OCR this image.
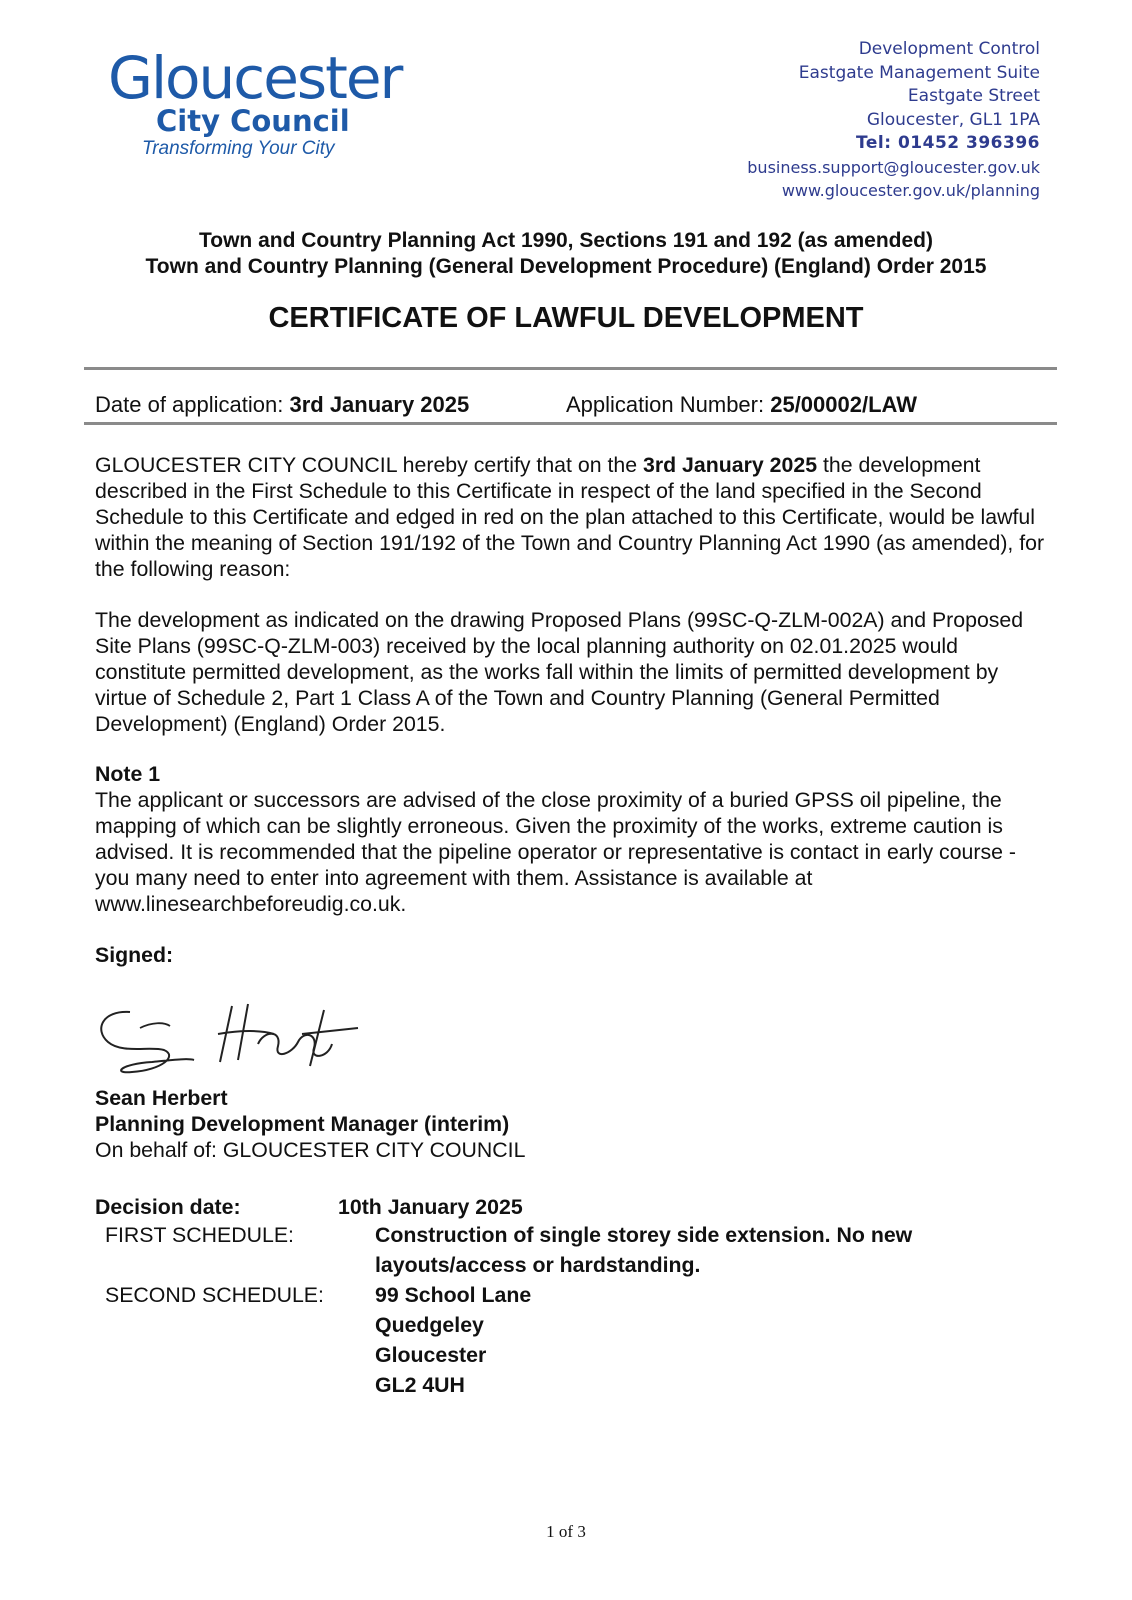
Gloucester
City Council
Transforming Your City
Development Control
Eastgate Management Suite
Eastgate Street
Gloucester, GL1 1PA
Tel: 01452 396396
business.support@gloucester.gov.uk
www.gloucester.gov.uk/planning
Town and Country Planning Act 1990, Sections 191 and 192 (as amended)
Town and Country Planning (General Development Procedure) (England) Order 2015
CERTIFICATE OF LAWFUL DEVELOPMENT
Date of application: 3rd January 2025	Application Number: 25/00002/LAW
GLOUCESTER CITY COUNCIL hereby certify that on the 3rd January 2025 the development described in the First Schedule to this Certificate in respect of the land specified in the Second Schedule to this Certificate and edged in red on the plan attached to this Certificate, would be lawful within the meaning of Section 191/192 of the Town and Country Planning Act 1990 (as amended), for the following reason:
The development as indicated on the drawing Proposed Plans (99SC-Q-ZLM-002A) and Proposed Site Plans (99SC-Q-ZLM-003) received by the local planning authority on 02.01.2025 would constitute permitted development, as the works fall within the limits of permitted development by virtue of Schedule 2, Part 1 Class A of the Town and Country Planning (General Permitted Development) (England) Order 2015.
Note 1
The applicant or successors are advised of the close proximity of a buried GPSS oil pipeline, the mapping of which can be slightly erroneous. Given the proximity of the works, extreme caution is advised. It is recommended that the pipeline operator or representative is contact in early course - you many need to enter into agreement with them. Assistance is available at www.linesearchbeforeudig.co.uk.
Signed:
Sean Herbert
Planning Development Manager (interim)
On behalf of: GLOUCESTER CITY COUNCIL
Decision date:	10th January 2025
FIRST SCHEDULE:	Construction of single storey side extension. No new layouts/access or hardstanding.
SECOND SCHEDULE: 99 School Lane
Quedgeley
Gloucester
GL2 4UH
1 of 3
